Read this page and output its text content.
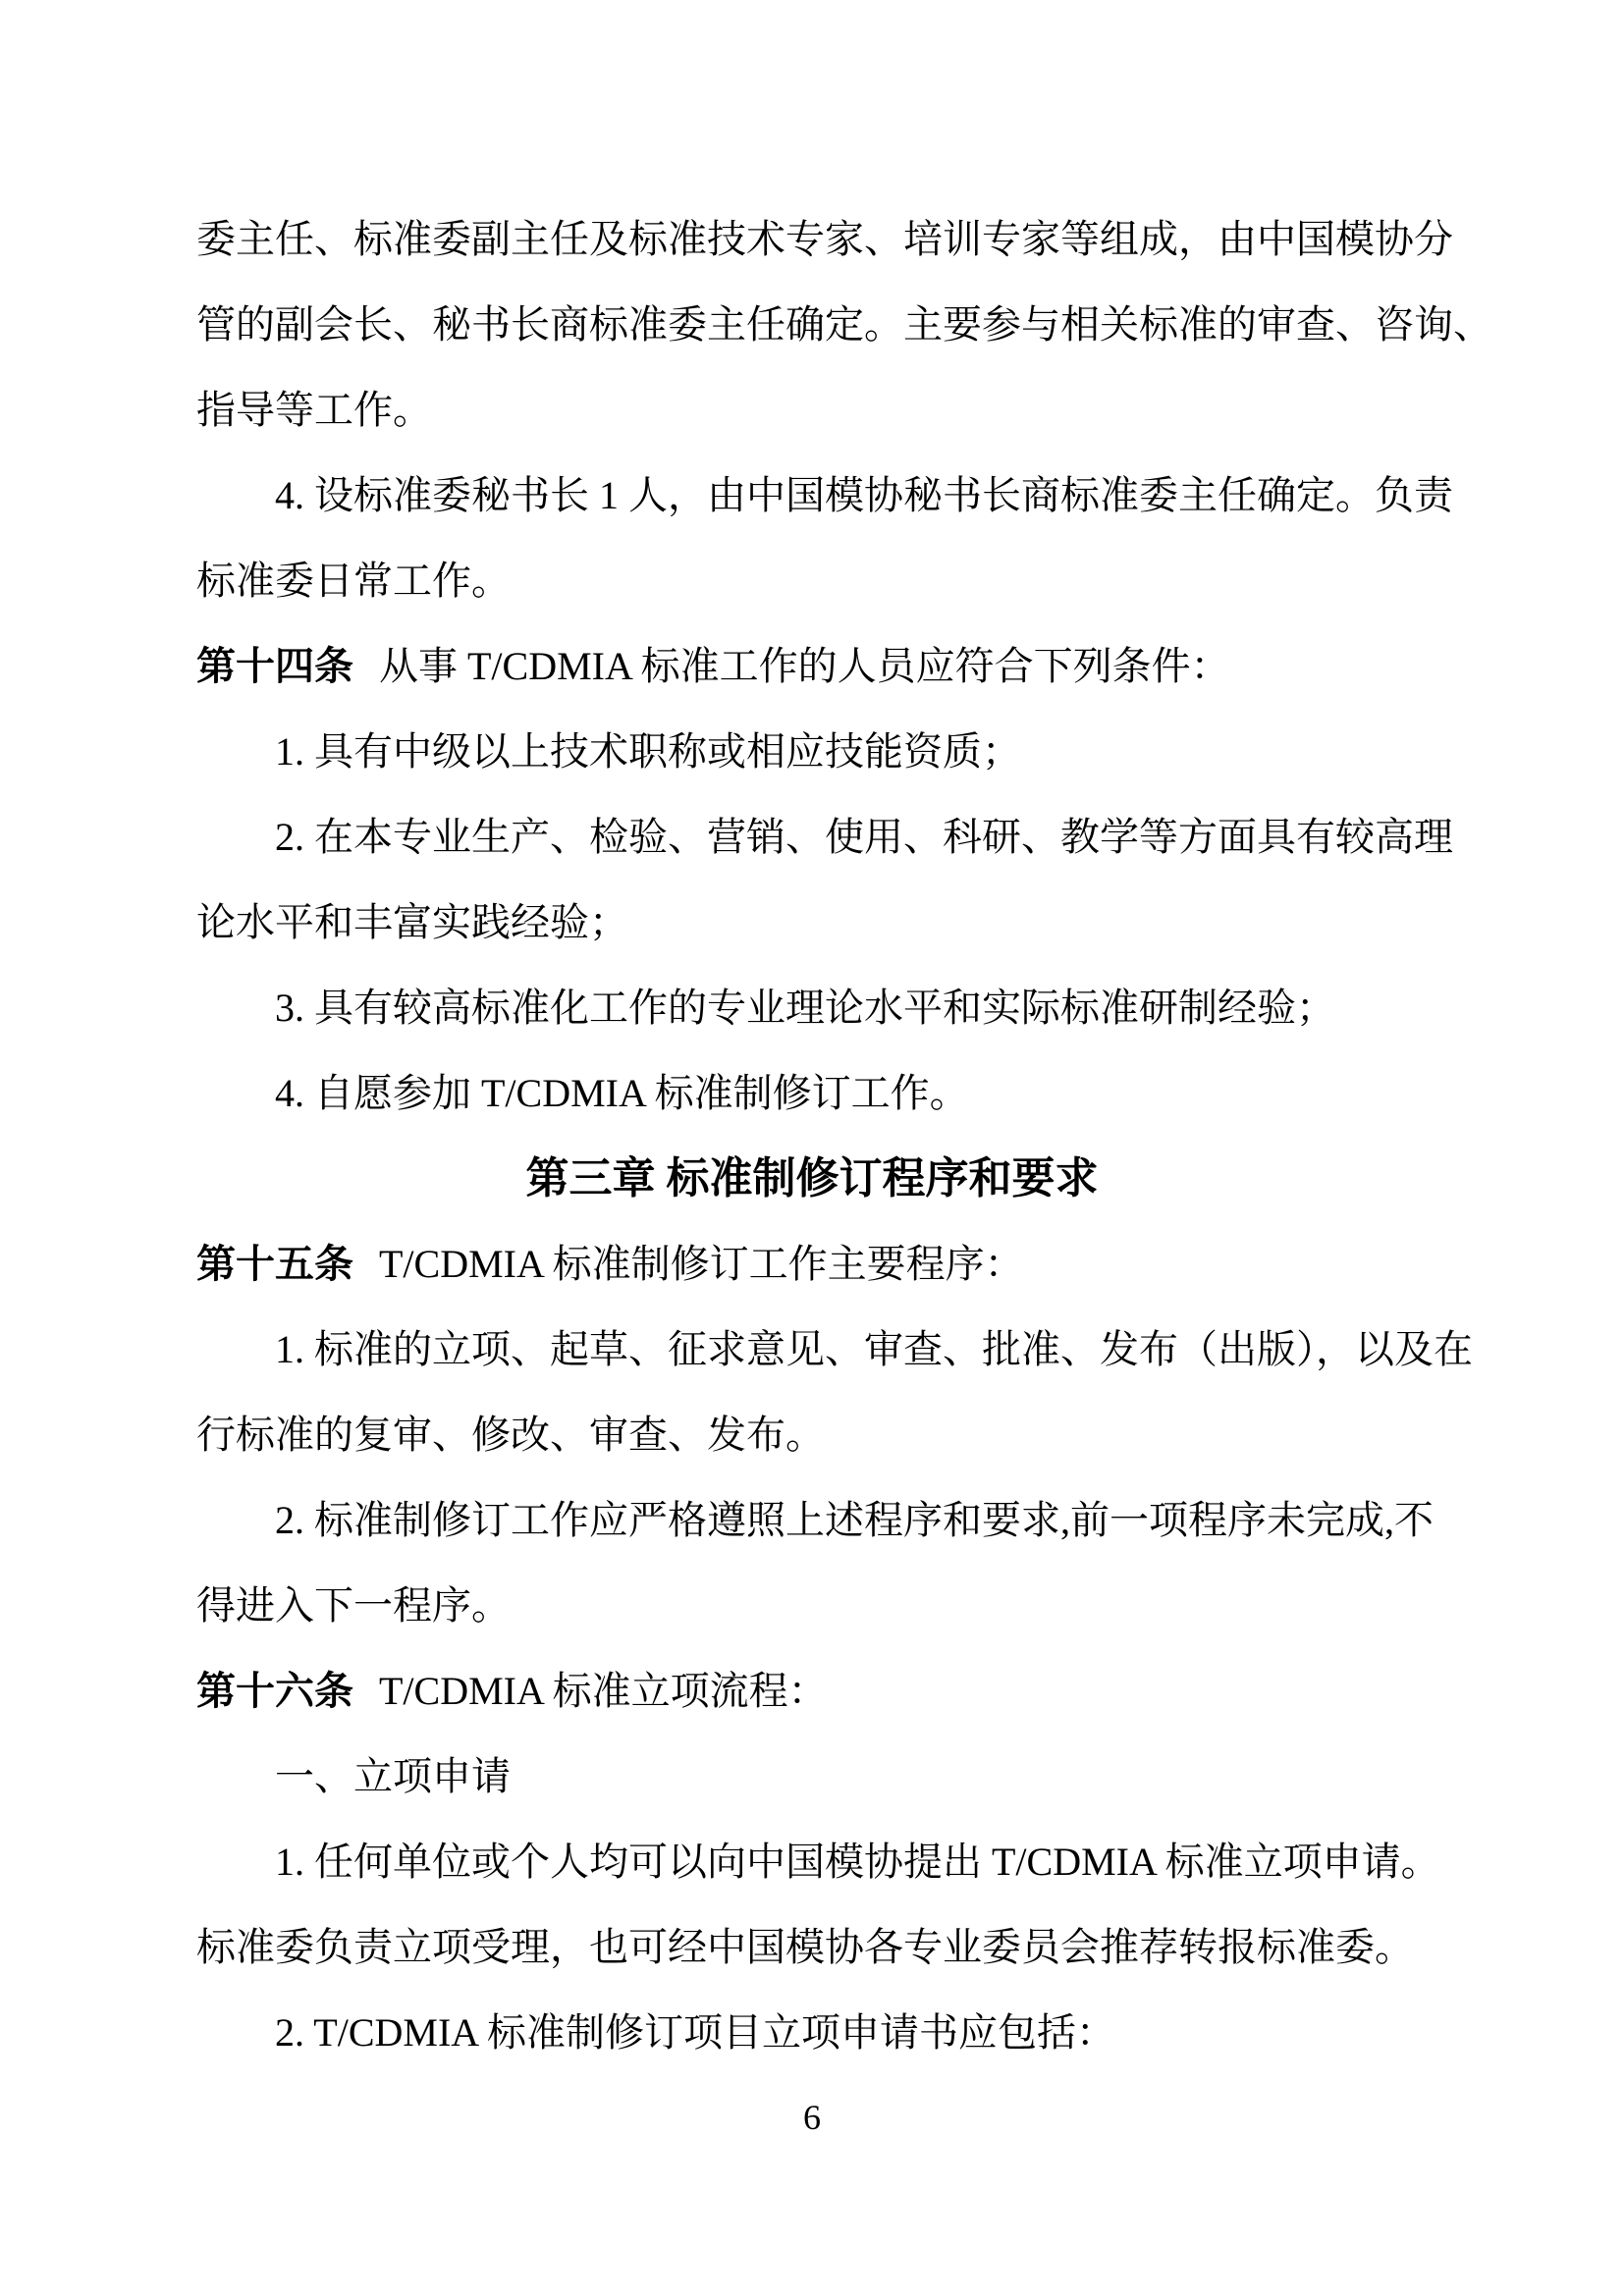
委主任、标准委副主任及标准技术专家、培训专家等组成，由中国模协分
管的副会长、秘书长商标准委主任确定。主要参与相关标准的审查、咨询、
指导等工作。
4. 设标准委秘书长 1 人，由中国模协秘书长商标准委主任确定。负责
标准委日常工作。
第十四条 从事 T/CDMIA 标准工作的人员应符合下列条件：
1. 具有中级以上技术职称或相应技能资质；
2. 在本专业生产、检验、营销、使用、科研、教学等方面具有较高理
论水平和丰富实践经验；
3. 具有较高标准化工作的专业理论水平和实际标准研制经验；
4. 自愿参加 T/CDMIA 标准制修订工作。
第三章 标准制修订程序和要求
第十五条 T/CDMIA 标准制修订工作主要程序：
1. 标准的立项、起草、征求意见、审查、批准、发布（出版），以及在
行标准的复审、修改、审查、发布。
2. 标准制修订工作应严格遵照上述程序和要求,前一项程序未完成,不
得进入下一程序。
第十六条 T/CDMIA 标准立项流程：
一、立项申请
1. 任何单位或个人均可以向中国模协提出 T/CDMIA 标准立项申请。
标准委负责立项受理，也可经中国模协各专业委员会推荐转报标准委。
2. T/CDMIA 标准制修订项目立项申请书应包括：
6
